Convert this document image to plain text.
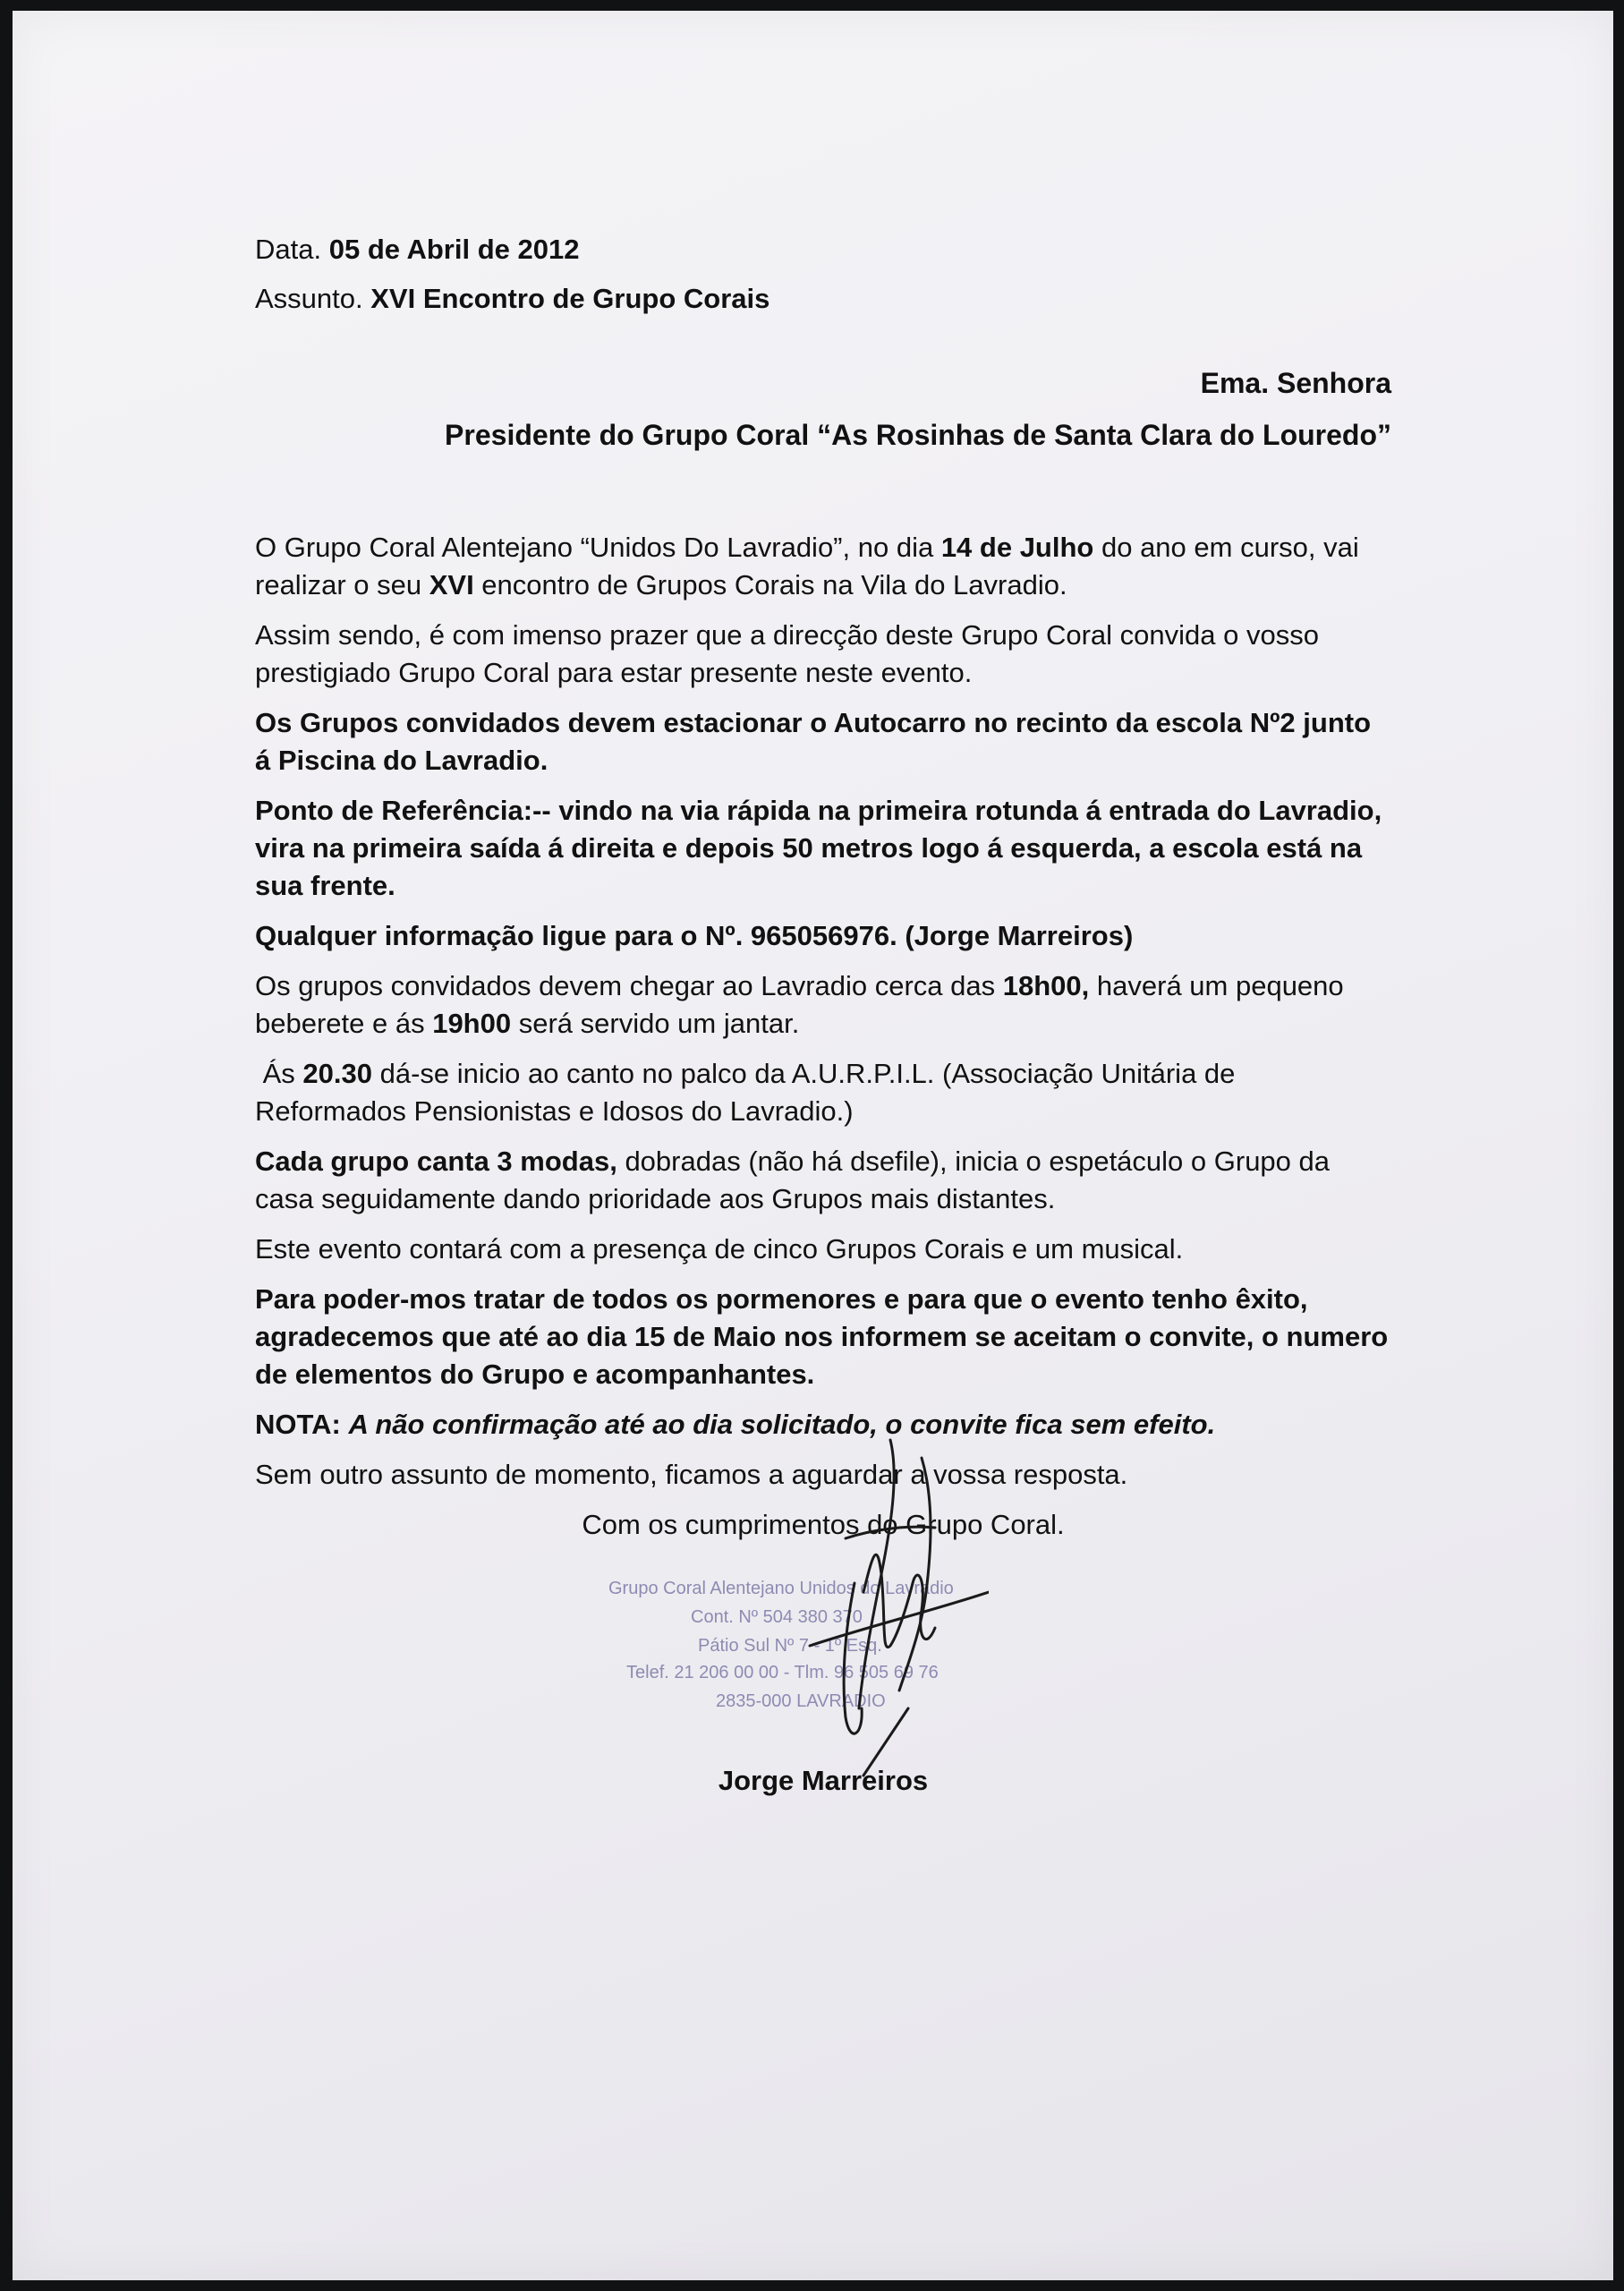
Data. 05 de Abril de 2012

Assunto. XVI Encontro de Grupo Corais

Ema. Senhora

Presidente do Grupo Coral “As Rosinhas de Santa Clara do Louredo”

O Grupo Coral Alentejano “Unidos Do Lavradio”, no dia 14 de Julho do ano em curso, vai realizar o seu XVI encontro de Grupos Corais na Vila do Lavradio.

Assim sendo, é com imenso prazer que a direcção deste Grupo Coral convida o vosso prestigiado Grupo Coral para estar presente neste evento.

Os Grupos convidados devem estacionar o Autocarro no recinto da escola Nº2 junto á Piscina do Lavradio.

Ponto de Referência:-- vindo na via rápida na primeira rotunda á entrada do Lavradio, vira na primeira saída á direita e depois 50 metros logo á esquerda, a escola está na sua frente.

Qualquer informação ligue para o Nº. 965056976. (Jorge Marreiros)

Os grupos convidados devem chegar ao Lavradio cerca das 18h00, haverá um pequeno beberete e ás 19h00 será servido um jantar.

Ás 20.30 dá-se inicio ao canto no palco da A.U.R.P.I.L. (Associação Unitária de Reformados Pensionistas e Idosos do Lavradio.)

Cada grupo canta 3 modas, dobradas (não há dsefile), inicia o espetáculo o Grupo da casa seguidamente dando prioridade aos Grupos mais distantes.

Este evento contará com a presença de cinco Grupos Corais e um musical.

Para poder-mos tratar de todos os pormenores e para que o evento tenho êxito, agradecemos que até ao dia 15 de Maio nos informem se aceitam o convite, o numero de elementos do Grupo e acompanhantes.

NOTA: A não confirmação até ao dia solicitado, o convite fica sem efeito.

Sem outro assunto de momento, ficamos a aguardar a vossa resposta.

Com os cumprimentos do Grupo Coral.

Grupo Coral Alentejano Unidos do Lavradio
Cont. Nº 504 380 370
Pátio Sul Nº 7 - 1º Esq.
Telef. 21 206 00 00 - Tlm. 96 505 69 76
2835-000 LAVRADIO

Jorge Marreiros
